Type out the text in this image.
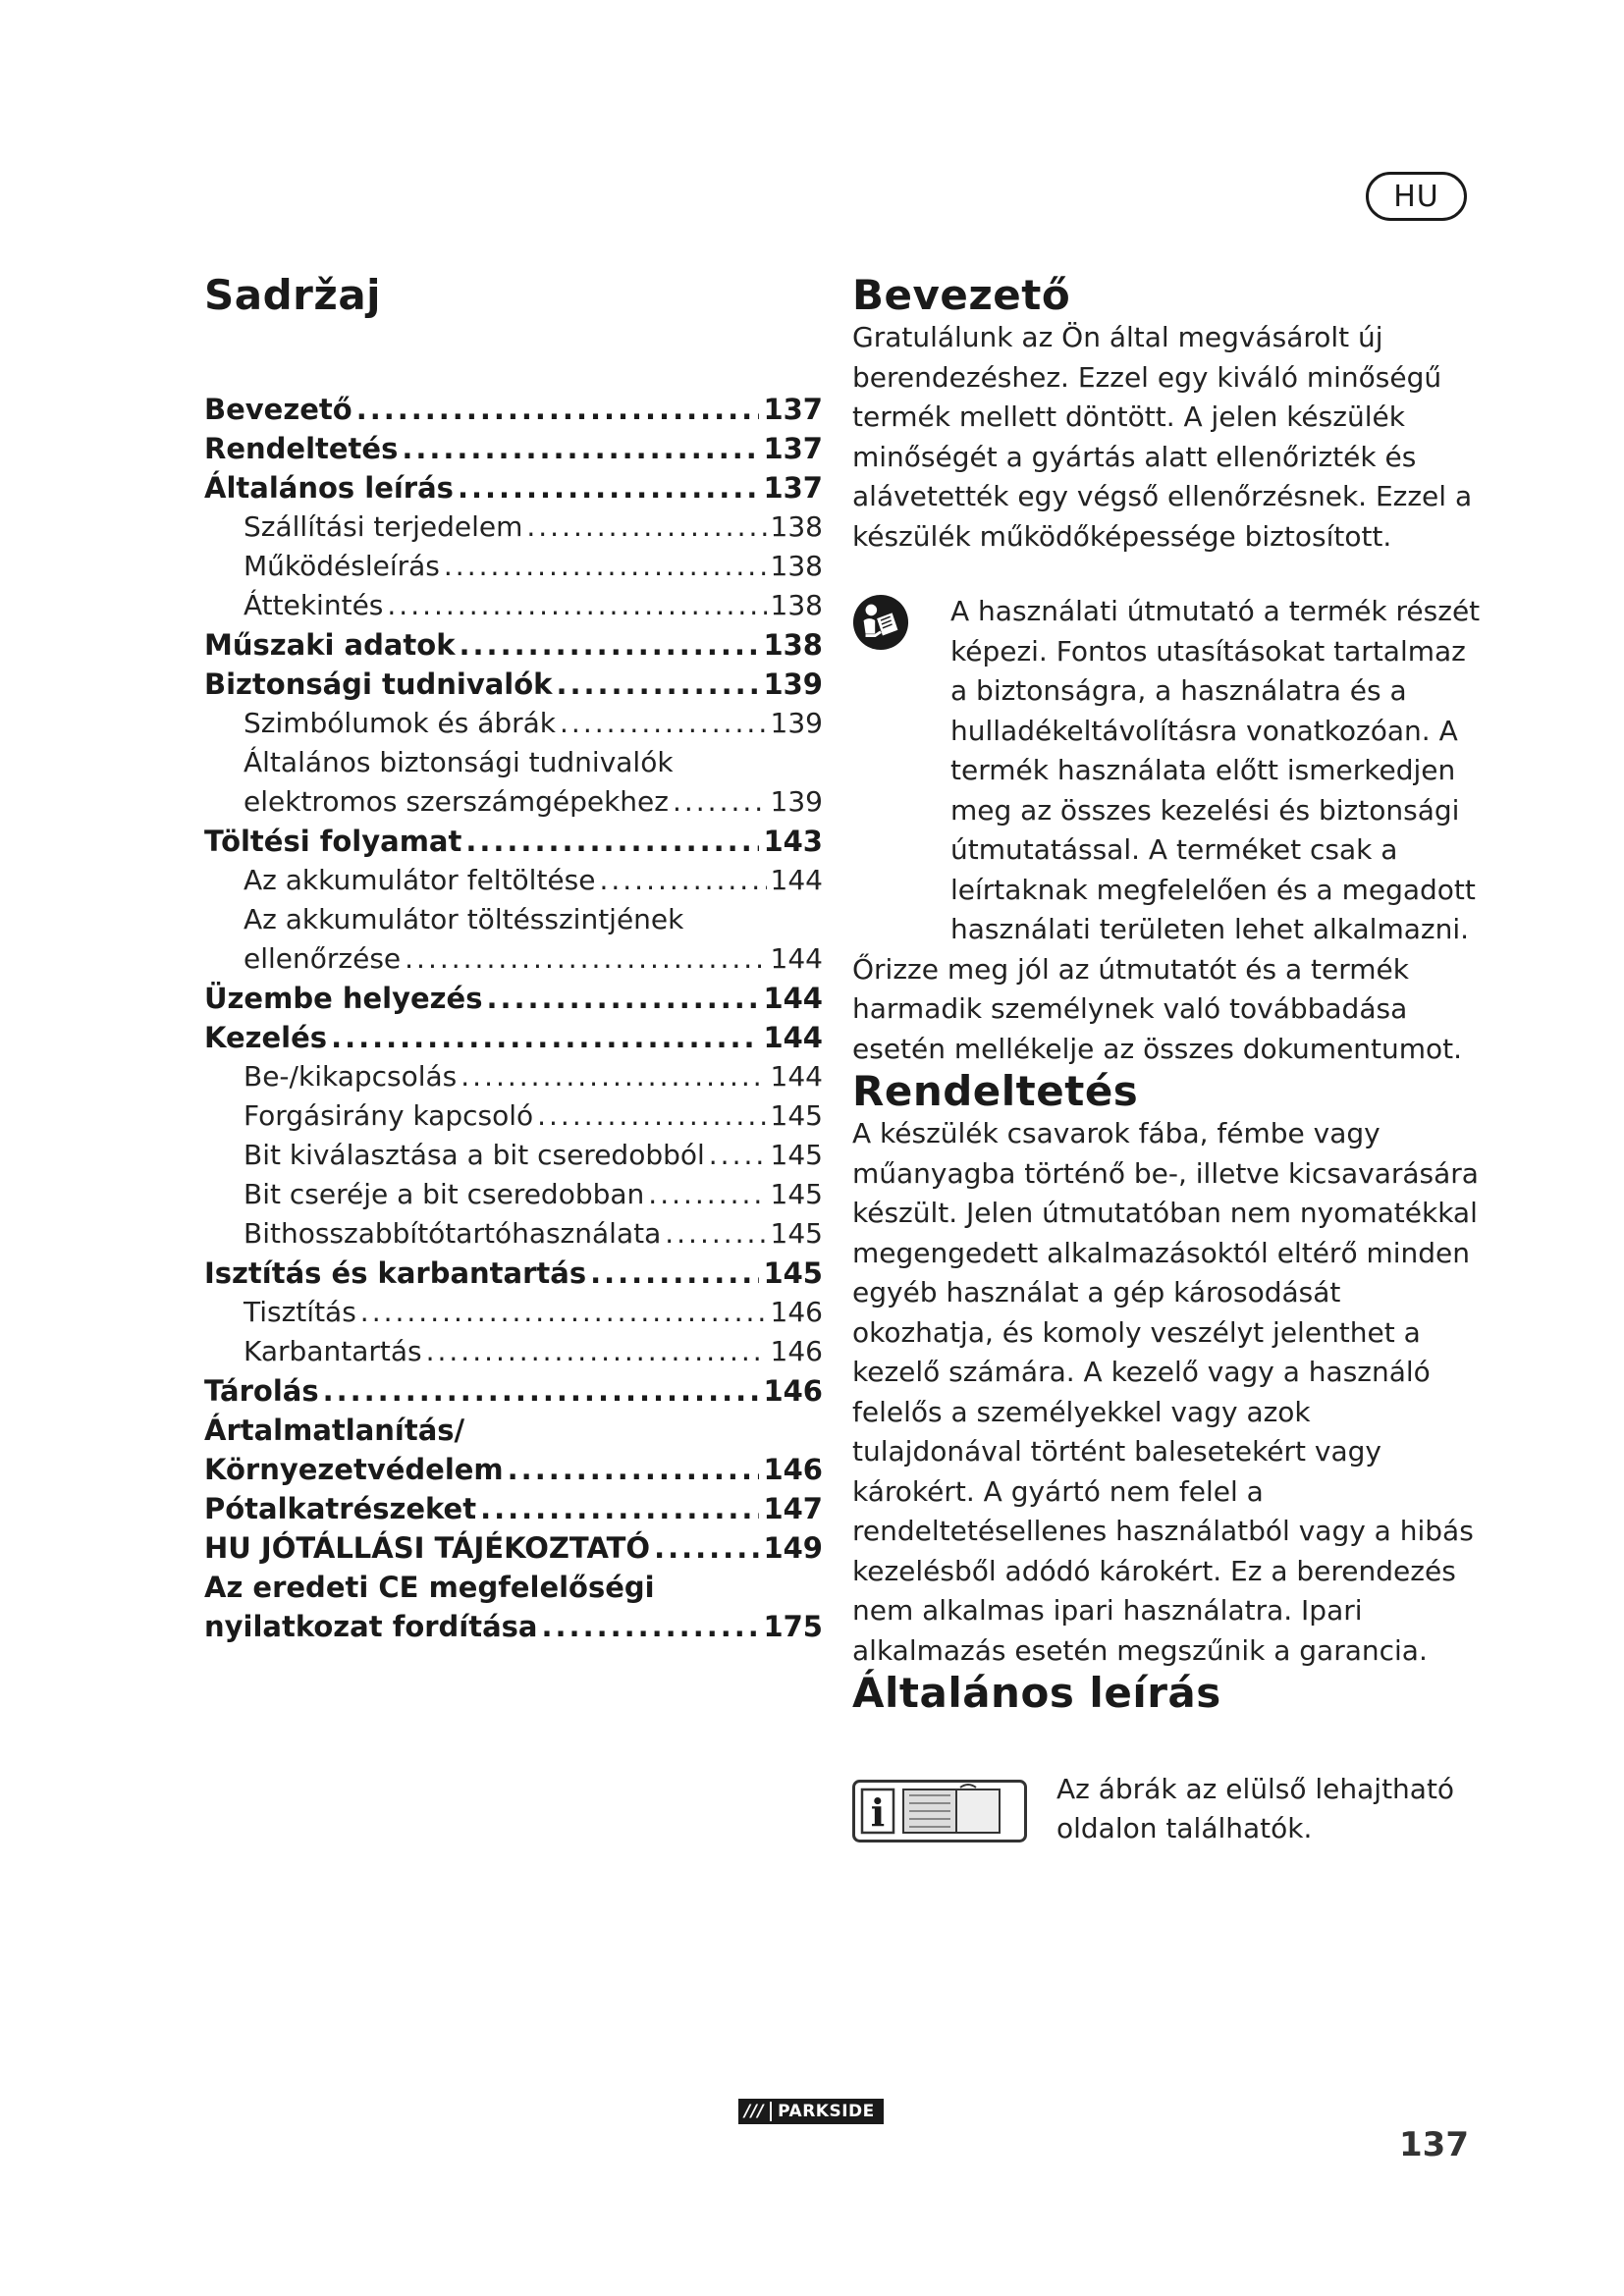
HU
Sadržaj
Bevezető .....	137
Rendeltetés .....	137
Általános leírás .....	137
Szállítási terjedelem .....	138
Működésleírás .....	138
Áttekintés .....	138
Műszaki adatok .....	138
Biztonsági tudnivalók .....	139
Szimbólumok és ábrák .....	139
Általános biztonsági tudnivalók
elektromos szerszámgépekhez .....	139
Töltési folyamat .....	143
Az akkumulátor feltöltése .....	144
Az akkumulátor töltésszintjének
ellenőrzése .....	144
Üzembe helyezés .....	144
Kezelés .....	144
Be-/kikapcsolás .....	144
Forgásirány kapcsoló .....	145
Bit kiválasztása a bit cseredobból ..... 145
Bit cseréje a bit cseredobban .....	145
Bithosszabbítótartóhasználata .....	145
Isztítás és karbantartás .....	145
Tisztítás .....	146
Karbantartás .....	146
Tárolás .....	146
Ártalmatlanítás/
Környezetvédelem .....	146
Pótalkatrészeket .....	147
HU JÓTÁLLÁSI TÁJÉKOZTATÓ .....	149
Az eredeti CE megfelelőségi
nyilatkozat fordítása .....	175
Bevezető

Gratulálunk az Ön által megvásárolt új berendezéshez. Ezzel egy kiváló minőségű termék mellett döntött. A jelen készülék minőségét a gyártás alatt ellenőrizték és alávetették egy végső ellenőrzésnek. Ezzel a készülék működőképessége biztosított.

A használati útmutató a termék részét képezi. Fontos utasításokat tartalmaz a biztonságra, a használatra és a hulladékeltávolításra vonatkozóan. A termék használata előtt ismerkedjen meg az összes kezelési és biztonsági útmutatással. A terméket csak a leírtaknak megfelelően és a megadott használati területen lehet alkalmazni.

Őrizze meg jól az útmutatót és a termék harmadik személynek való továbbadása esetén mellékelje az összes dokumentumot.

Rendeltetés

A készülék csavarok fába, fémbe vagy műanyagba történő be-, illetve kicsavarására készült. Jelen útmutatóban nem nyomatékkal megengedett alkalmazásoktól eltérő minden egyéb használat a gép károsodását okozhatja, és komoly veszélyt jelenthet a kezelő számára. A kezelő vagy a használó felelős a személyekkel vagy azok tulajdonával történt balesetekért vagy károkért. A gyártó nem felel a rendeltetésellenes használatból vagy a hibás kezelésből adódó károkért. Ez a berendezés nem alkalmas ipari használatra. Ipari alkalmazás esetén megszűnik a garancia.

Általános leírás
i

Az ábrák az elülső lehajtható oldalon találhatók.

/// PARKSIDE
137
